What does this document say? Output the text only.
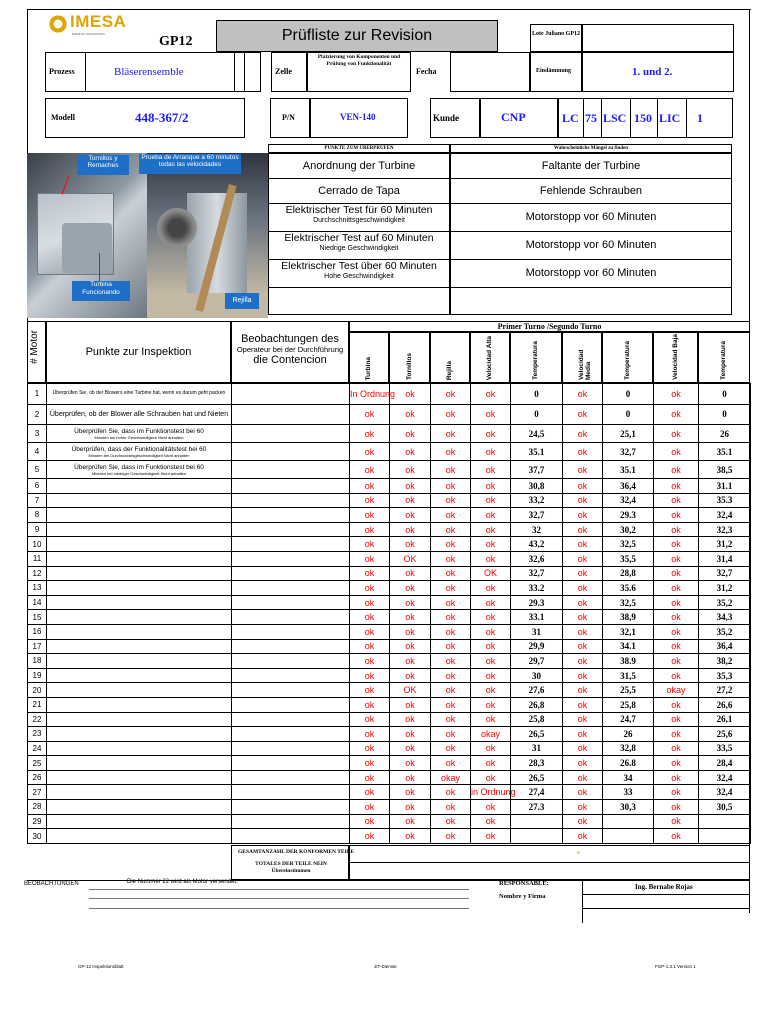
IMESA
MADE BY INNOVATION	GP12	Prüfliste zur Revision	Lote Juliano GP12
Prozess	Bläserensemble	Zelle
Platzierung von Komponenten und Prüfung von Funktionalität
Fecha	Eindämmung	1. und 2.
Modell	448-367/2	P/N	VEN-140	Kunde	CNP	LC 75 LSC 150 LIC 1
Tornillos y Remaches
Prueba de Arranque a 60 minutos todas las velocidades
Turbina Funcionando
Rejilla
PUNKTE ZUM ÜBERPRÜFEN	Wahrscheinliche Mängel zu finden
Anordnung der Turbine	Faltante der Turbine
Cerrado de Tapa	Fehlende Schrauben
Elektrischer Test für 60 Minuten
Durchschnittsgeschwindigkeit	Motorstopp vor 60 Minuten
Elektrischer Test auf 60 Minuten
Niedrige Geschwindigkeit	Motorstopp vor 60 Minuten
Elektrischer Test über 60 Minuten
Hohe Geschwindigkeit	Motorstopp vor 60 Minuten
# Motor	Punkte zur Inspektion
Beobachtungen des
Operateur bei der Durchführung
die Contencion
Primer Turno /Segundo Turno
Turbina	Tornillos	Rejilla	Velocidad Alta	Temperatura	Velocidad Media	Temperatura	Velocidad Baja	Temperatura
1	Überprüfen Sie, ob der Blowers eine Turbine hat, wenn es darum geht packen		In Ordnung	ok	ok	ok	0	ok	0	ok	0
2	Überprüfen, ob der Blower alle Schrauben hat und Nieten		ok	ok	ok	ok	0	ok	0	ok	0
3	Überprüfen Sie, dass im Funktionstest bei 60
Minuten bei hoher Geschwindigkeit Nicht anhalten		ok	ok	ok	ok	24,5	ok	25,1	ok	26
4	Überprüfen, dass der Funktionalitätstest bei 60
Minuten bei Durchschnittsgeschwindigkeit Nicht anhalten		ok	ok	ok	ok	35.1	ok	32,7	ok	35.1
5	Überprüfen Sie, dass im Funktionstest bei 60
Minuten bei niedriger Geschwindigkeit Nicht anhalten		ok	ok	ok	ok	37,7	ok	35.1	ok	38,5
6			ok	ok	ok	ok	30,8	ok	36,4	ok	31.1
7			ok	ok	ok	ok	33,2	ok	32,4	ok	35.3
8			ok	ok	ok	ok	32,7	ok	29.3	ok	32,4
9			ok	ok	ok	ok	32	ok	30,2	ok	32,3
10			ok	ok	ok	ok	43,2	ok	32,5	ok	31,2
11			ok	OK	ok	ok	32,6	ok	35,5	ok	31,4
12			ok	ok	ok	OK	32,7	ok	28,8	ok	32,7
13			ok	ok	ok	ok	33.2	ok	35.6	ok	31,2
14			ok	ok	ok	ok	29.3	ok	32,5	ok	35,2
15			ok	ok	ok	ok	33.1	ok	38,9	ok	34,3
16			ok	ok	ok	ok	31	ok	32,1	ok	35,2
17			ok	ok	ok	ok	29,9	ok	34.1	ok	36,4
18			ok	ok	ok	ok	29,7	ok	38.9	ok	38,2
19			ok	ok	ok	ok	30	ok	31,5	ok	35,3
20			ok	OK	ok	ok	27,6	ok	25,5	okay	27,2
21			ok	ok	ok	ok	26,8	ok	25,8	ok	26,6
22			ok	ok	ok	ok	25,8	ok	24,7	ok	26,1
23			ok	ok	ok	okay	26,5	ok	26	ok	25,6
24			ok	ok	ok	ok	31	ok	32,8	ok	33,5
25			ok	ok	ok	ok	28,3	ok	26.8	ok	28,4
26			ok	ok	okay	ok	26,5	ok	34	ok	32,4
27			ok	ok	ok	in Ordnung	27,4	ok	33	ok	32,4
28			ok	ok	ok	ok	27.3	ok	30,3	ok	30,5
29			ok	ok	ok	ok		ok		ok	
30			ok	ok	ok	ok		ok		ok	
GESAMTANZAHL DER KONFORMEN TEILE
TOTALES DER TEILE NEIN Übereinstimmen
BEOBACHTUNGEN	Die Nummer 22 wird als Motor versendet.	RESPONSABLE:
Nombre y Firma
Ing. Bernabe Rojas
GP-12 Inspektionsblatt	JIT-Dienste	FGP-1.3.1 Version 1
